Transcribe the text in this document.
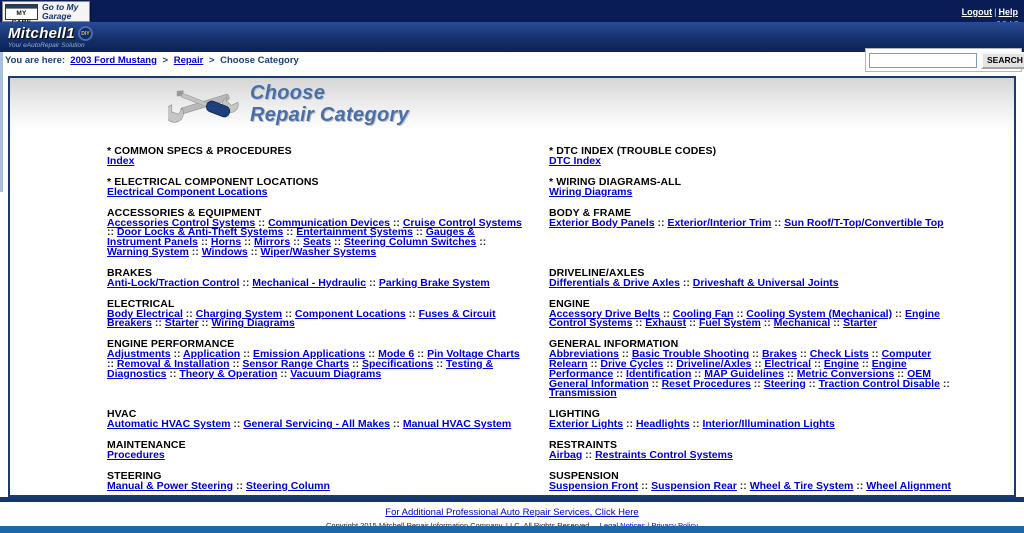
MY
Go to My Garage	Logout | Help
Mitchell1	DIY
Your eAutoRepair Solution
You are here: 2003 Ford Mustang > Repair > Choose Category	SEARCH
Choose
Repair Category
* COMMON SPECS & PROCEDURES
Index
* DTC INDEX (TROUBLE CODES)
DTC Index
* ELECTRICAL COMPONENT LOCATIONS
Electrical Component Locations
* WIRING DIAGRAMS-ALL
Wiring Diagrams
ACCESSORIES & EQUIPMENT
Accessories Control Systems :: Communication Devices :: Cruise Control Systems :: Door Locks & Anti-Theft Systems :: Entertainment Systems :: Gauges & Instrument Panels :: Horns :: Mirrors :: Seats :: Steering Column Switches :: Warning System :: Windows :: Wiper/Washer Systems
BODY & FRAME
Exterior Body Panels :: Exterior/Interior Trim :: Sun Roof/T-Top/Convertible Top
BRAKES
Anti-Lock/Traction Control :: Mechanical - Hydraulic :: Parking Brake System
DRIVELINE/AXLES
Differentials & Drive Axles :: Driveshaft & Universal Joints
ELECTRICAL
Body Electrical :: Charging System :: Component Locations :: Fuses & Circuit Breakers :: Starter :: Wiring Diagrams
ENGINE
Accessory Drive Belts :: Cooling Fan :: Cooling System (Mechanical) :: Engine Control Systems :: Exhaust :: Fuel System :: Mechanical :: Starter
ENGINE PERFORMANCE
Adjustments :: Application :: Emission Applications :: Mode 6 :: Pin Voltage Charts :: Removal & Installation :: Sensor Range Charts :: Specifications :: Testing & Diagnostics :: Theory & Operation :: Vacuum Diagrams
GENERAL INFORMATION
Abbreviations :: Basic Trouble Shooting :: Brakes :: Check Lists :: Computer Relearn :: Drive Cycles :: Driveline/Axles :: Electrical :: Engine :: Engine Performance :: Identification :: MAP Guidelines :: Metric Conversions :: OEM General Information :: Reset Procedures :: Steering :: Traction Control Disable :: Transmission
HVAC
Automatic HVAC System :: General Servicing - All Makes :: Manual HVAC System
LIGHTING
Exterior Lights :: Headlights :: Interior/Illumination Lights
MAINTENANCE
Procedures
RESTRAINTS
Airbag :: Restraints Control Systems
STEERING
Manual & Power Steering :: Steering Column
SUSPENSION
Suspension Front :: Suspension Rear :: Wheel & Tire System :: Wheel Alignment
For Additional Professional Auto Repair Services, Click Here
